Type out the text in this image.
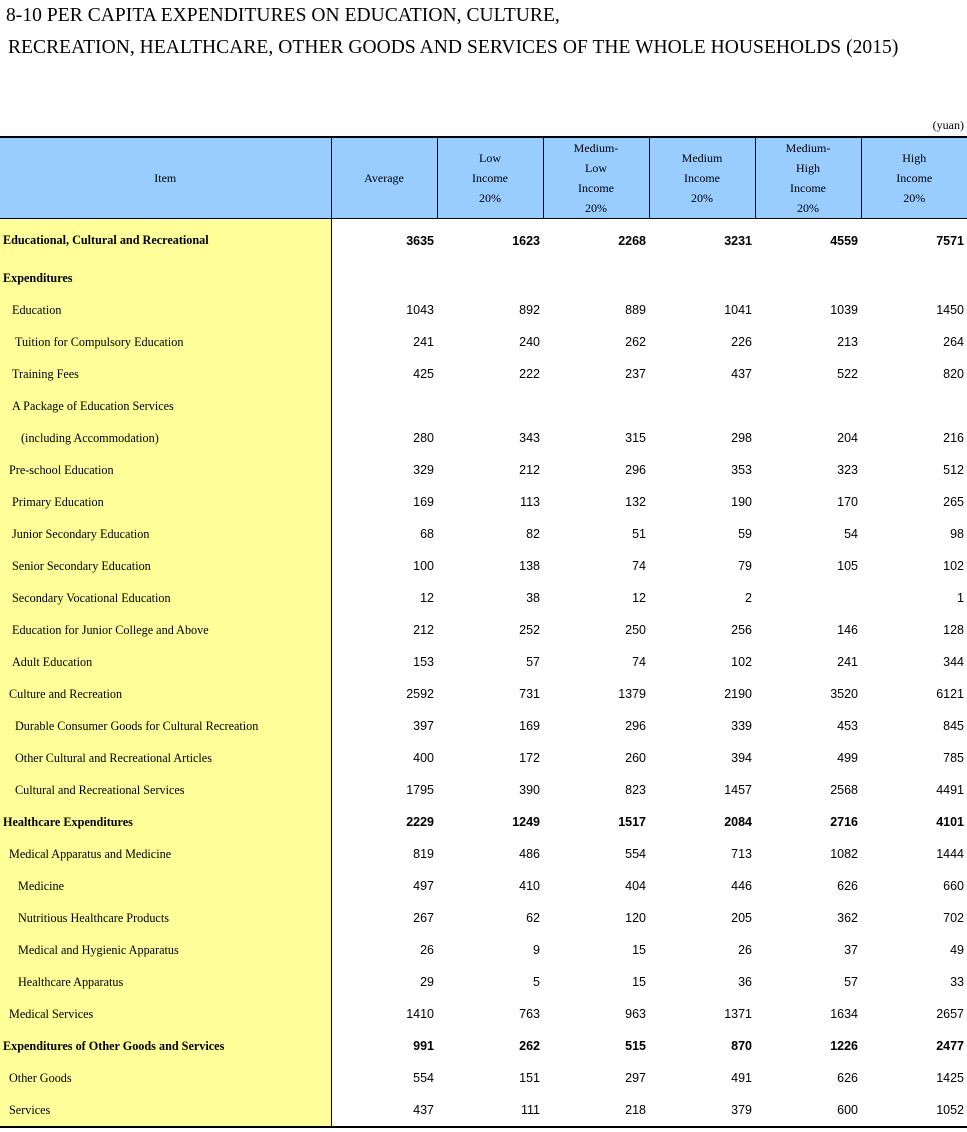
8-10 PER CAPITA EXPENDITURES ON EDUCATION, CULTURE,
RECREATION, HEALTHCARE, OTHER GOODS AND SERVICES OF THE WHOLE HOUSEHOLDS (2015)
(yuan)
Item	Average	Low
Income
20%	Medium-
Low
Income
20%	Medium
Income
20%	Medium-
High
Income
20%	High
Income
20%

Educational, Cultural and Recreational	3635	1623	2268	3231	4559	7571
Expenditures						
Education	1043	892	889	1041	1039	1450
Tuition for Compulsory Education	241	240	262	226	213	264
Training Fees	425	222	237	437	522	820
A Package of Education Services						
(including Accommodation)	280	343	315	298	204	216
Pre-school Education	329	212	296	353	323	512
Primary Education	169	113	132	190	170	265
Junior Secondary Education	68	82	51	59	54	98
Senior Secondary Education	100	138	74	79	105	102
Secondary Vocational Education	12	38	12	2		1
Education for Junior College and Above	212	252	250	256	146	128
Adult Education	153	57	74	102	241	344
Culture and Recreation	2592	731	1379	2190	3520	6121
Durable Consumer Goods for Cultural Recreation	397	169	296	339	453	845
Other Cultural and Recreational Articles	400	172	260	394	499	785
Cultural and Recreational Services	1795	390	823	1457	2568	4491
Healthcare Expenditures	2229	1249	1517	2084	2716	4101
Medical Apparatus and Medicine	819	486	554	713	1082	1444
Medicine	497	410	404	446	626	660
Nutritious Healthcare Products	267	62	120	205	362	702
Medical and Hygienic Apparatus	26	9	15	26	37	49
Healthcare Apparatus	29	5	15	36	57	33
Medical Services	1410	763	963	1371	1634	2657
Expenditures of Other Goods and Services	991	262	515	870	1226	2477
Other Goods	554	151	297	491	626	1425
Services	437	111	218	379	600	1052
